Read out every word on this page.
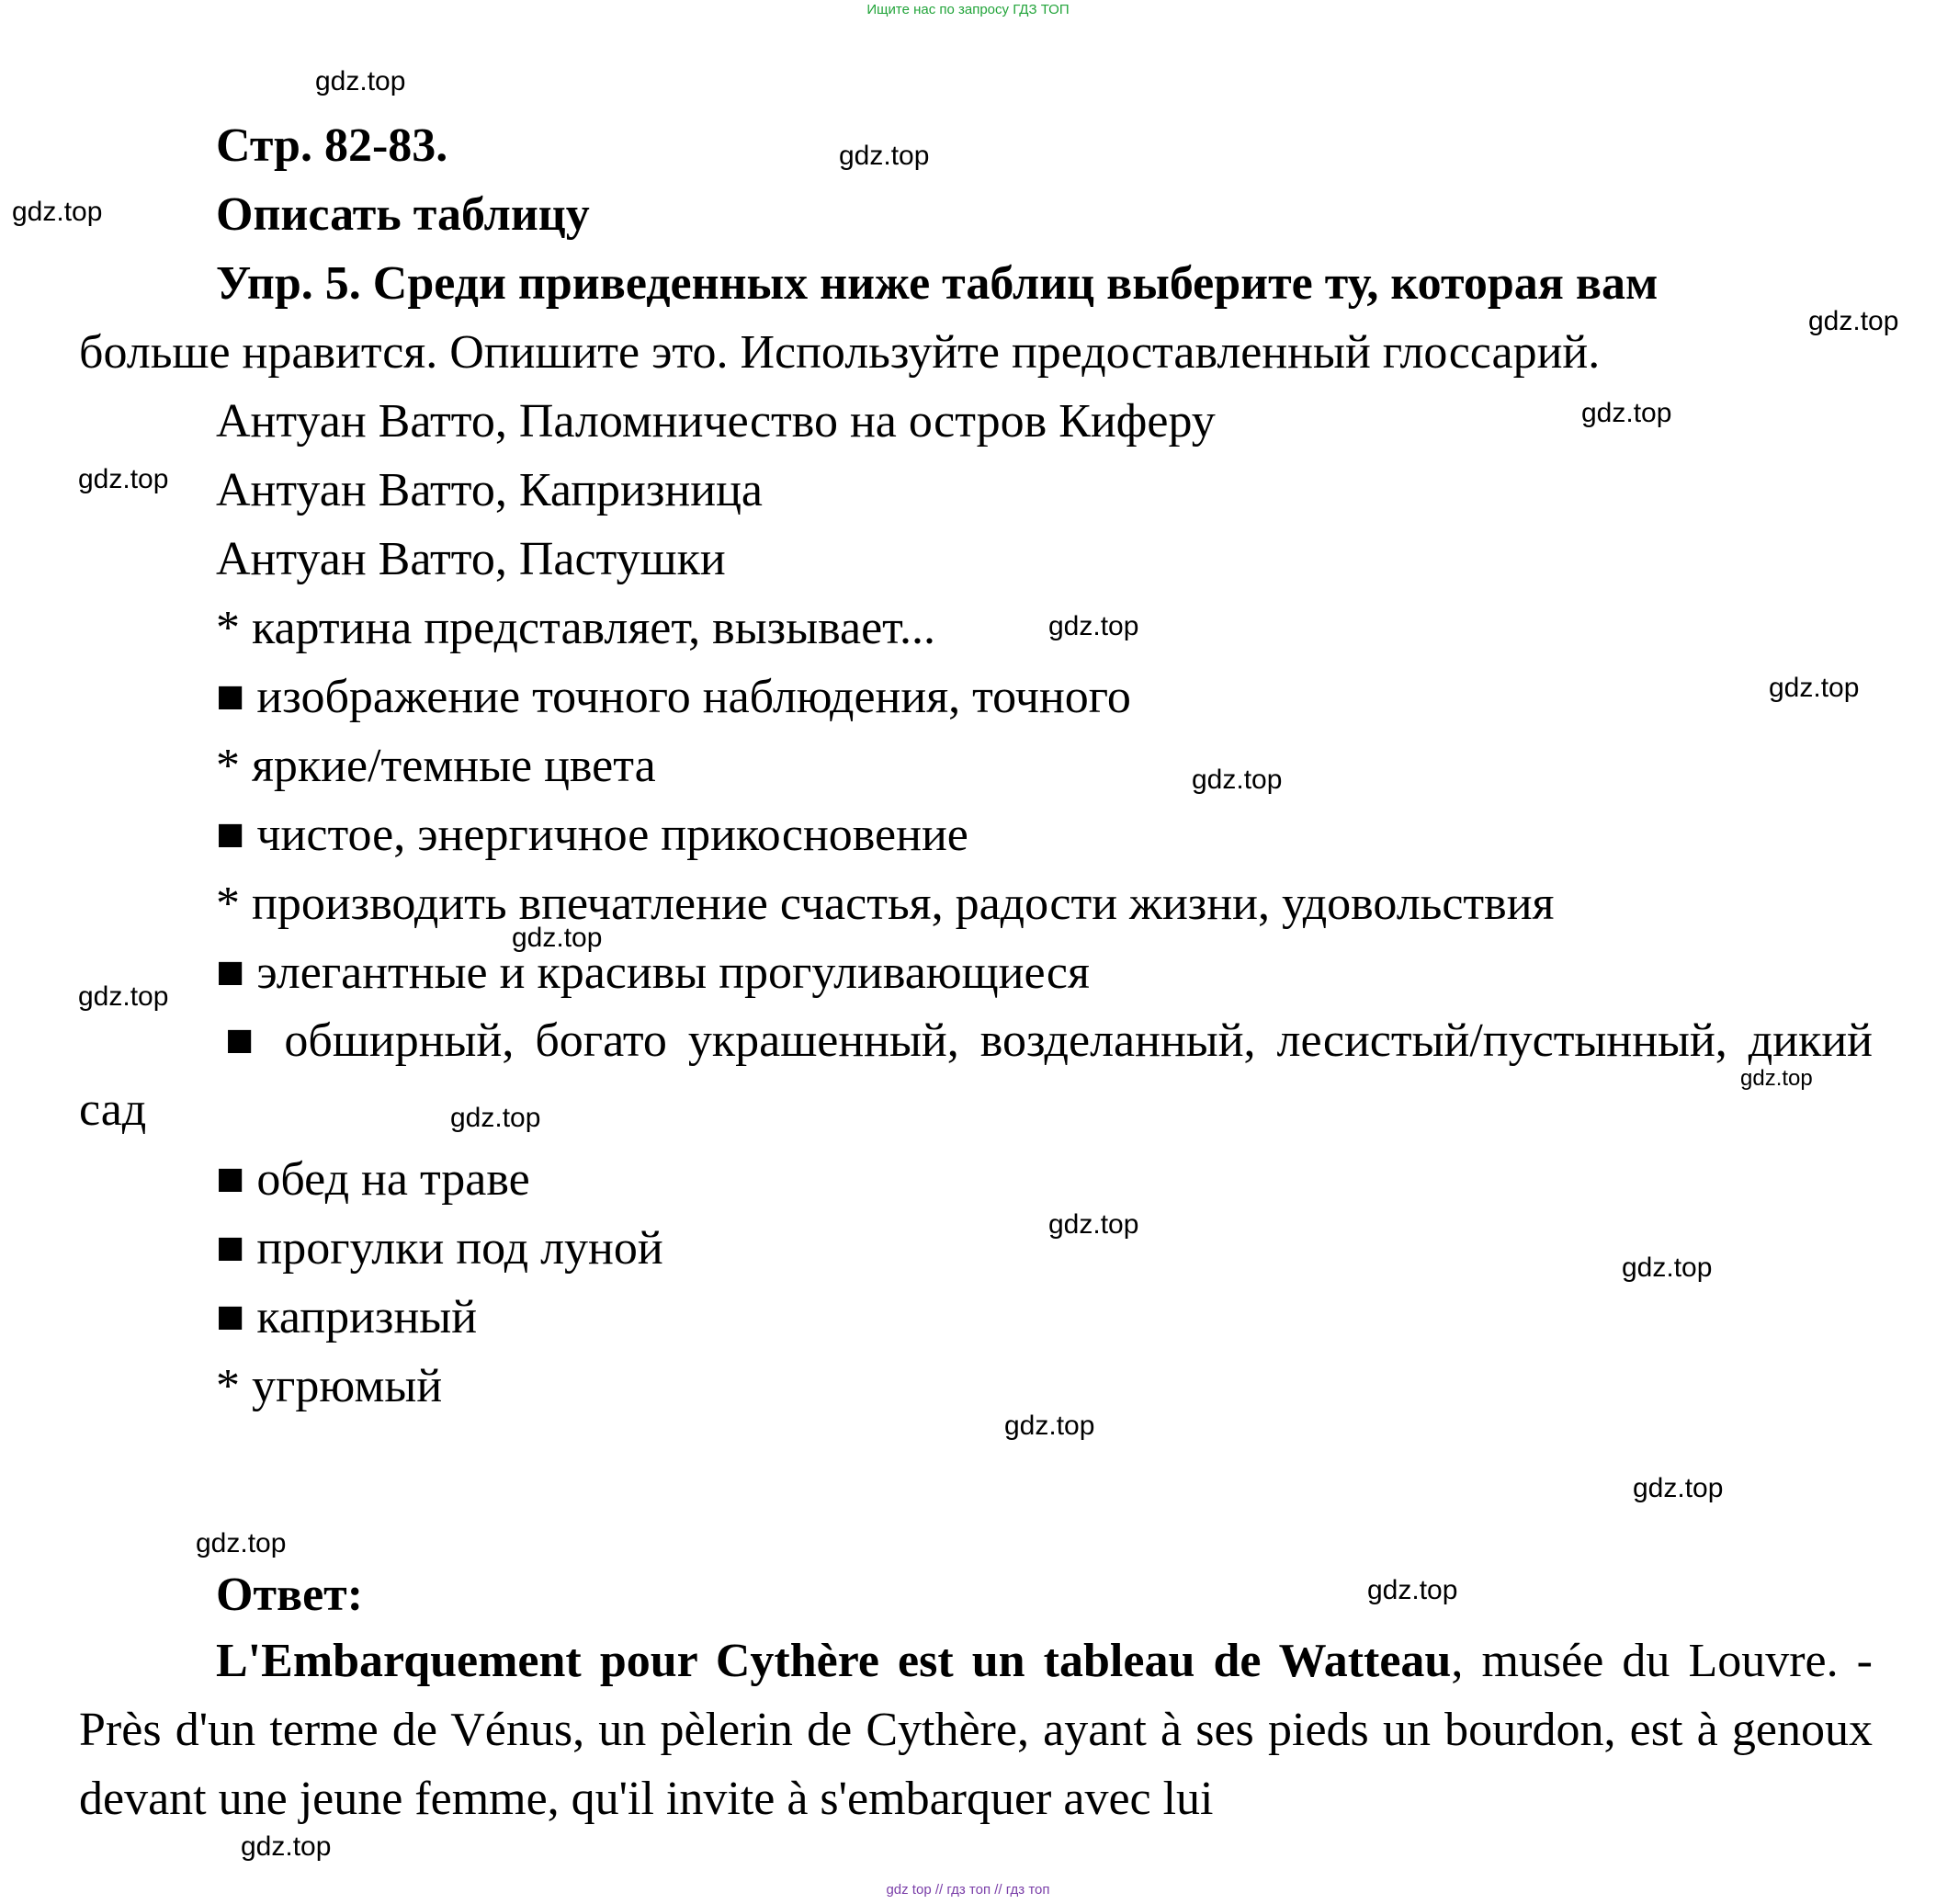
Ищите нас по запросу ГДЗ ТОП
gdz.top
gdz.top
gdz.top
gdz.top
gdz.top
gdz.top
gdz.top
gdz.top
gdz.top
gdz.top
gdz.top
gdz.top
gdz.top
gdz.top
gdz.top
gdz.top
gdz.top
gdz.top
gdz.top
gdz.top
Стр. 82-83.
Описать таблицу
Упр. 5. Среди приведенных ниже таблиц выберите ту, которая вам
больше нравится. Опишите это. Используйте предоставленный глоссарий.
Антуан Ватто, Паломничество на остров Киферу
Антуан Ватто, Капризница
Антуан Ватто, Пастушки
* картина представляет, вызывает...
■ изображение точного наблюдения, точного
* яркие/темные цвета
■ чистое, энергичное прикосновение
* производить впечатление счастья, радости жизни, удовольствия
■ элегантные и красивы прогуливающиеся

■ обширный, богато украшенный, возделанный, лесистый/пустынный, дикий сад

■ обед на траве
■ прогулки под луной
■ капризный
* угрюмый
Ответ:

L'Embarquement pour Cythère est un tableau de Watteau, musée du Louvre. - Près d'un terme de Vénus, un pèlerin de Cythère, ayant à ses pieds un bourdon, est à genoux devant une jeune femme, qu'il invite à s'embarquer avec lui

gdz top // гдз топ // гдз топ
